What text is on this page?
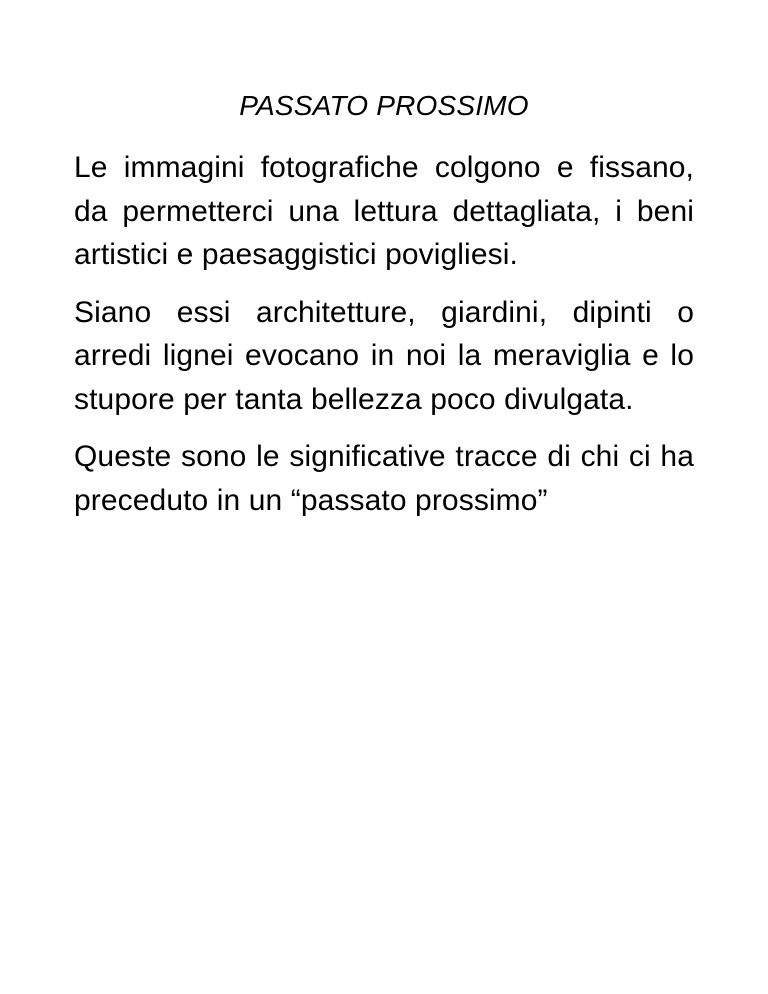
PASSATO PROSSIMO

Le immagini fotografiche colgono e fissano, da permetterci una lettura dettagliata, i beni artistici e paesaggistici povigliesi.

Siano essi architetture, giardini, dipinti o arredi lignei evocano in noi la meraviglia e lo stupore per tanta bellezza poco divulgata.

Queste sono le significative tracce di chi ci ha preceduto in un “passato prossimo”
